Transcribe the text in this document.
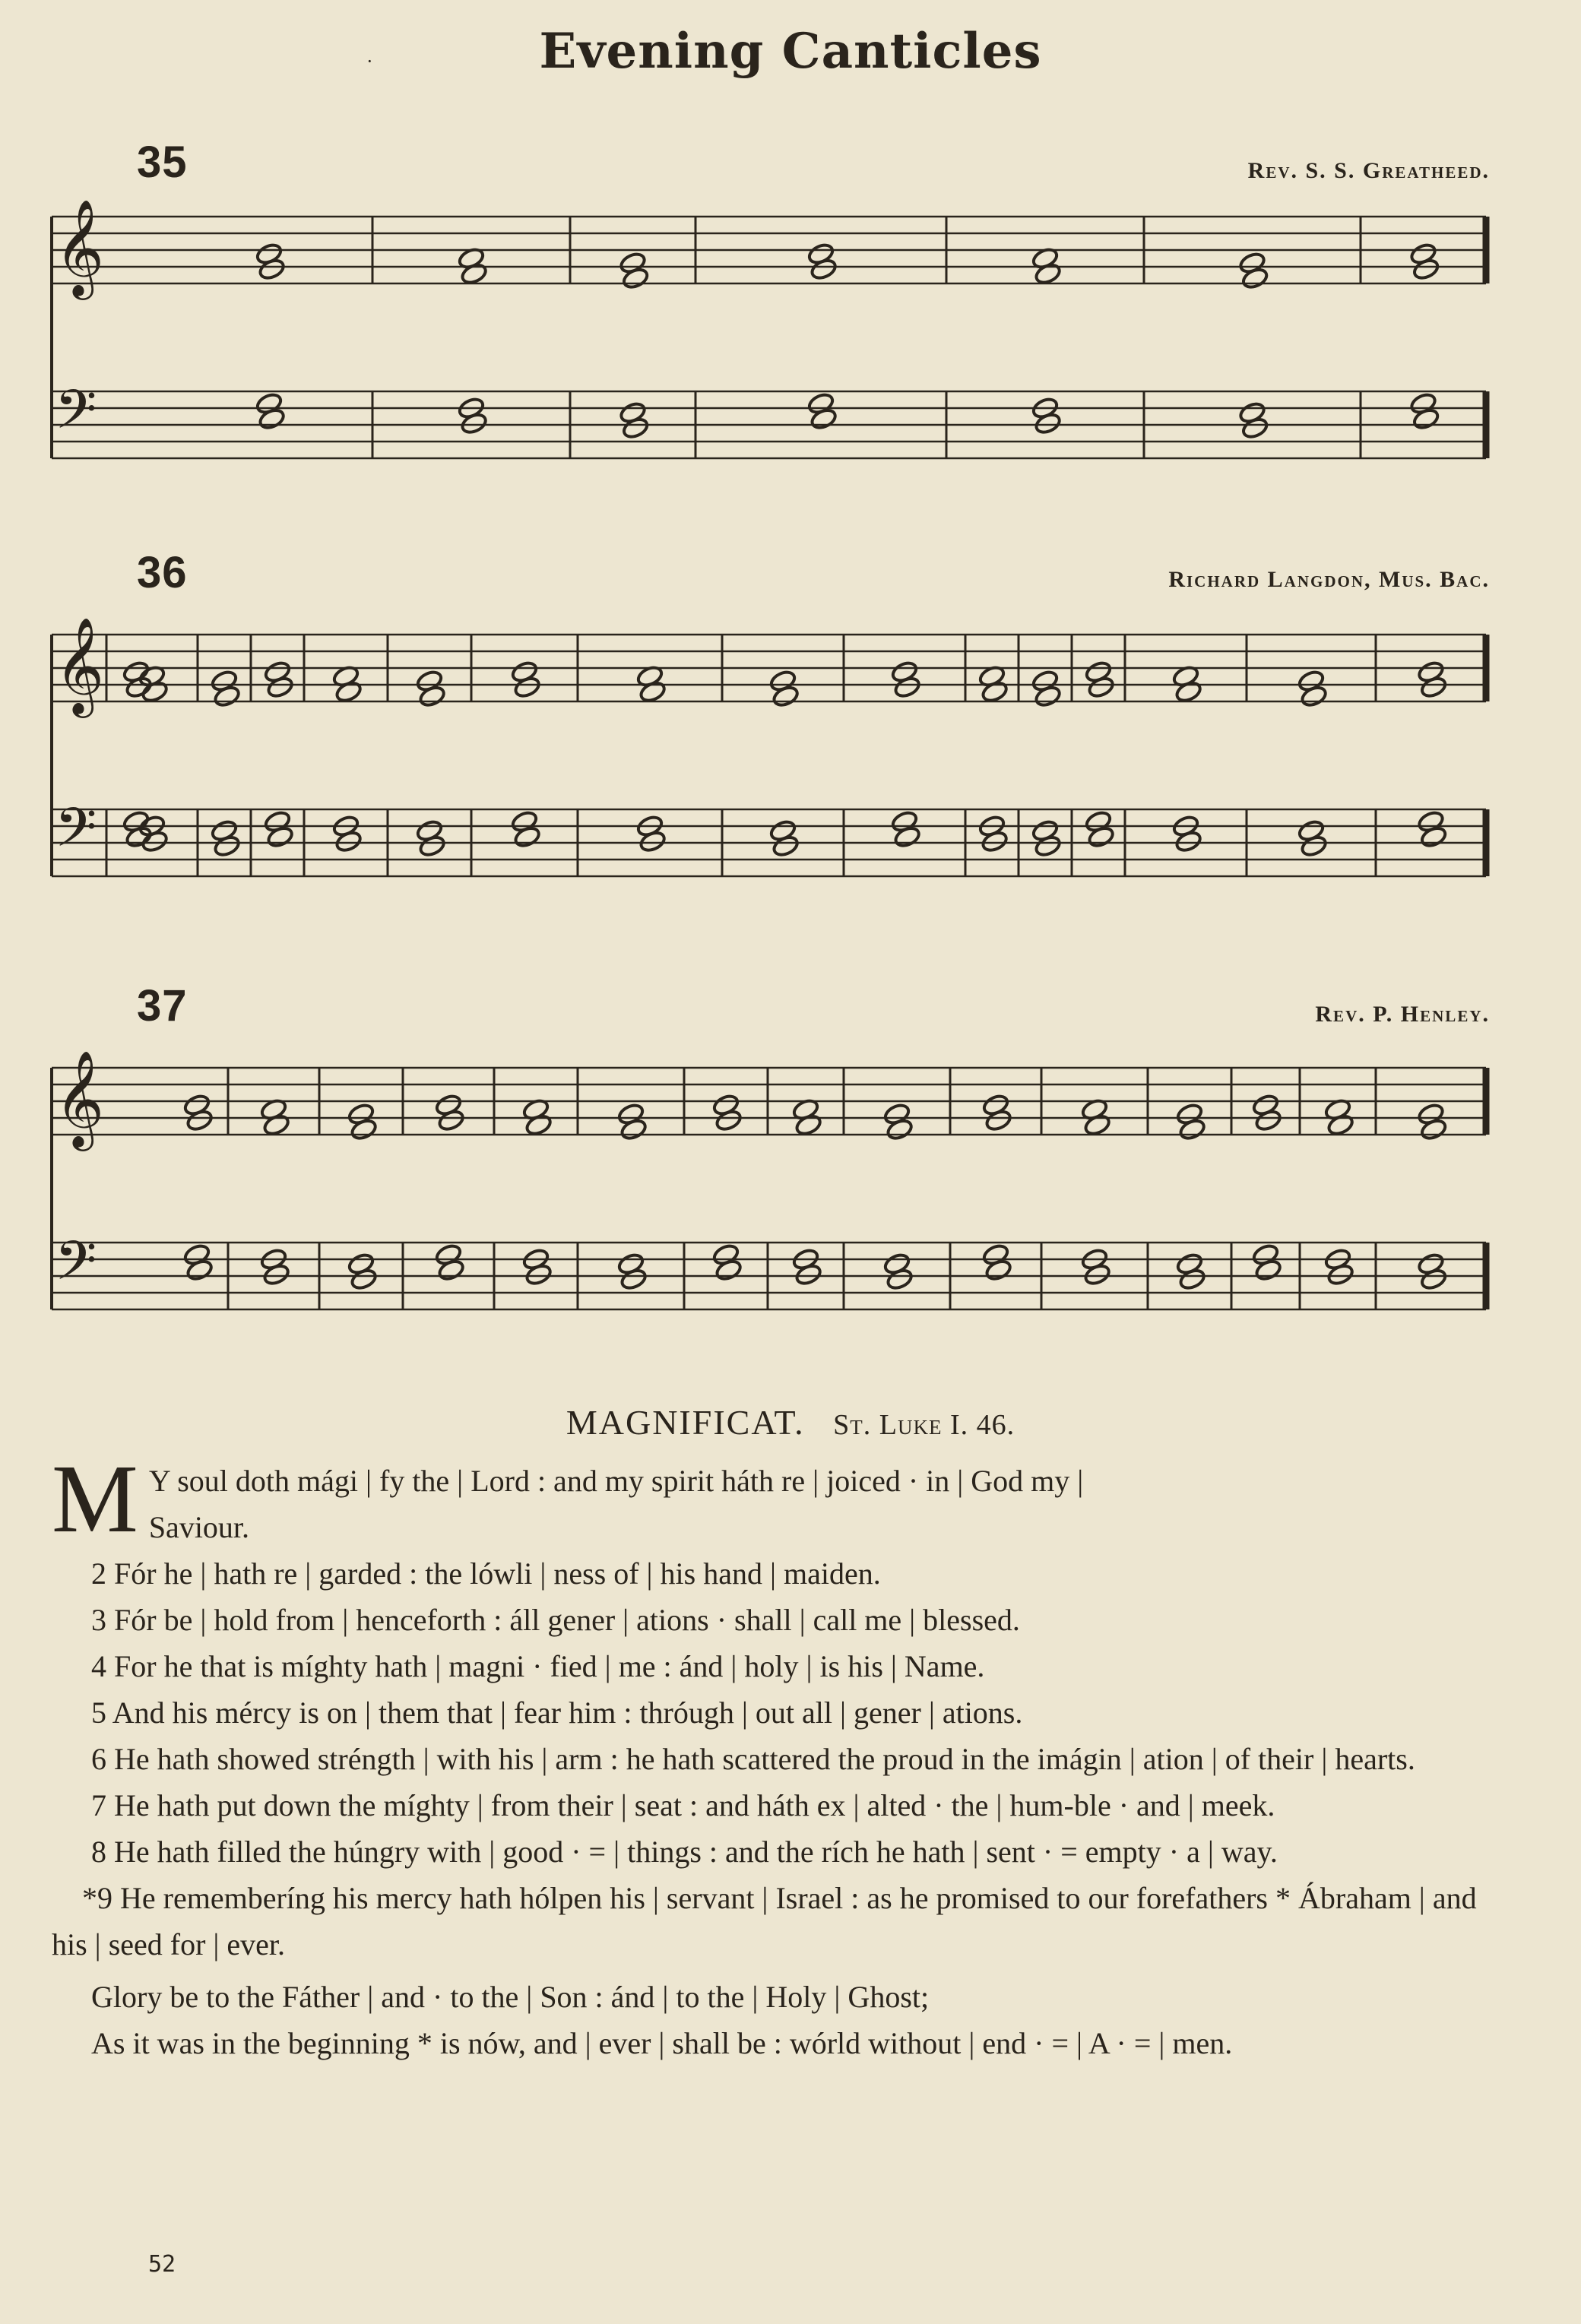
·	Evening Canticles
35	Rev. S. S. Greatheed.
𝄞
𝄢
36	Richard Langdon, Mus. Bac.
𝄞
𝄢
37	Rev. P. Henley.
𝄞
𝄢
MAGNIFICAT. St. Luke I. 46.
M Y soul doth mági | fy the | Lord : and my spirit háth re | joiced · in | God my |
Saviour.

2 Fór he | hath re | garded : the lówli | ness of | his hand | maiden.

3 Fór be | hold from | henceforth : áll gener | ations · shall | call me | blessed.

4 For he that is míghty hath | magni · fied | me : ánd | holy | is his | Name.

5 And his mércy is on | them that | fear him : thróugh | out all | gener | ations.

6 He hath showed stréngth | with his | arm : he hath scattered the proud in the imágin | ation | of their | hearts.

7 He hath put down the míghty | from their | seat : and háth ex | alted · the | hum-ble · and | meek.

8 He hath filled the húngry with | good · = | things : and the rích he hath | sent · = empty · a | way.

*9 He rememberíng his mercy hath hólpen his | servant | Israel : as he promised to our forefathers * Ábraham | and his | seed for | ever.

Glory be to the Fáther | and · to the | Son : ánd | to the | Holy | Ghost;

As it was in the beginning * is nów, and | ever | shall be : wórld without | end · = | A · = | men.

52
